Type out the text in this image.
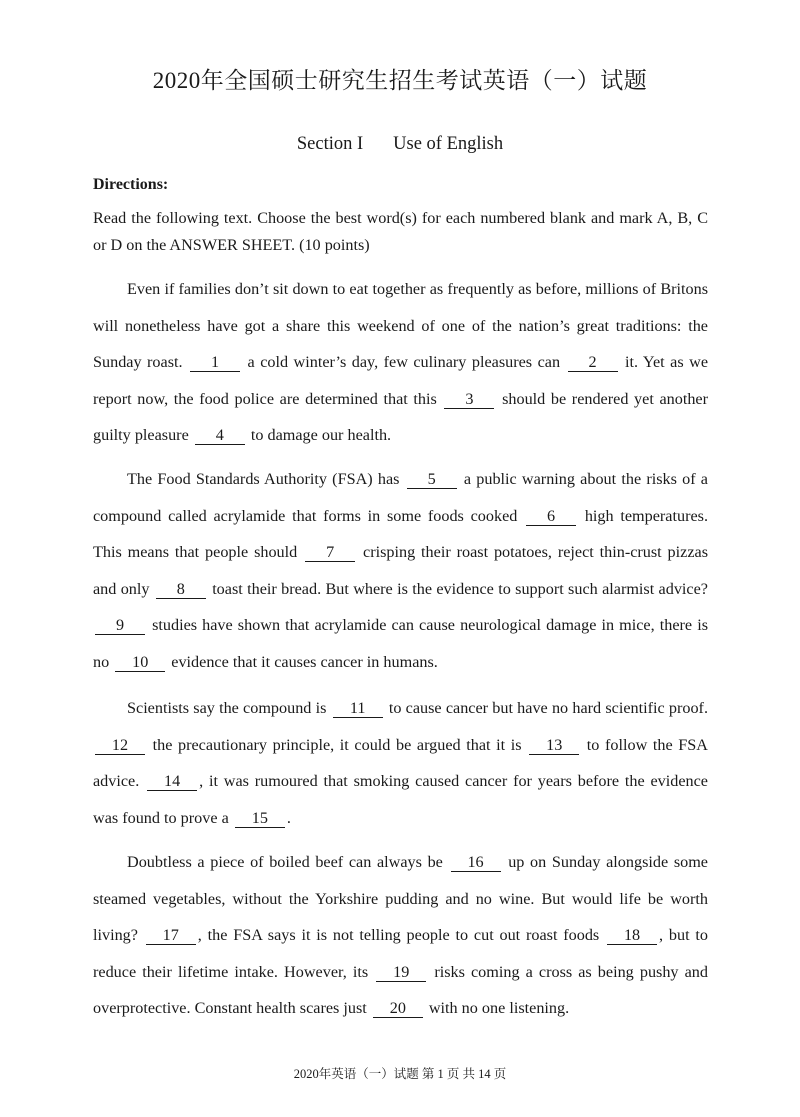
2020年全国硕士研究生招生考试英语（一）试题
Section I Use of English
Directions:
Read the following text. Choose the best word(s) for each numbered blank and mark A, B, C or D on the ANSWER SHEET. (10 points)

Even if families don’t sit down to eat together as frequently as before, millions of Britons will nonetheless have got a share this weekend of one of the nation’s great traditions: the Sunday roast. 1 a cold winter’s day, few culinary pleasures can 2 it. Yet as we report now, the food police are determined that this 3 should be rendered yet another guilty pleasure 4 to damage our health.

The Food Standards Authority (FSA) has 5 a public warning about the risks of a compound called acrylamide that forms in some foods cooked 6 high temperatures. This means that people should 7 crisping their roast potatoes, reject thin-crust pizzas and only 8 toast their bread. But where is the evidence to support such alarmist advice? 9 studies have shown that acrylamide can cause neurological damage in mice, there is no 10 evidence that it causes cancer in humans.

Scientists say the compound is 11 to cause cancer but have no hard scientific proof. 12 the precautionary principle, it could be argued that it is 13 to follow the FSA advice. 14 , it was rumoured that smoking caused cancer for years before the evidence was found to prove a 15 .

Doubtless a piece of boiled beef can always be 16 up on Sunday alongside some steamed vegetables, without the Yorkshire pudding and no wine. But would life be worth living? 17 , the FSA says it is not telling people to cut out roast foods 18 , but to reduce their lifetime intake. However, its 19 risks coming a cross as being pushy and overprotective. Constant health scares just 20 with no one listening.

2020年英语（一）试题 第 1 页 共 14 页
